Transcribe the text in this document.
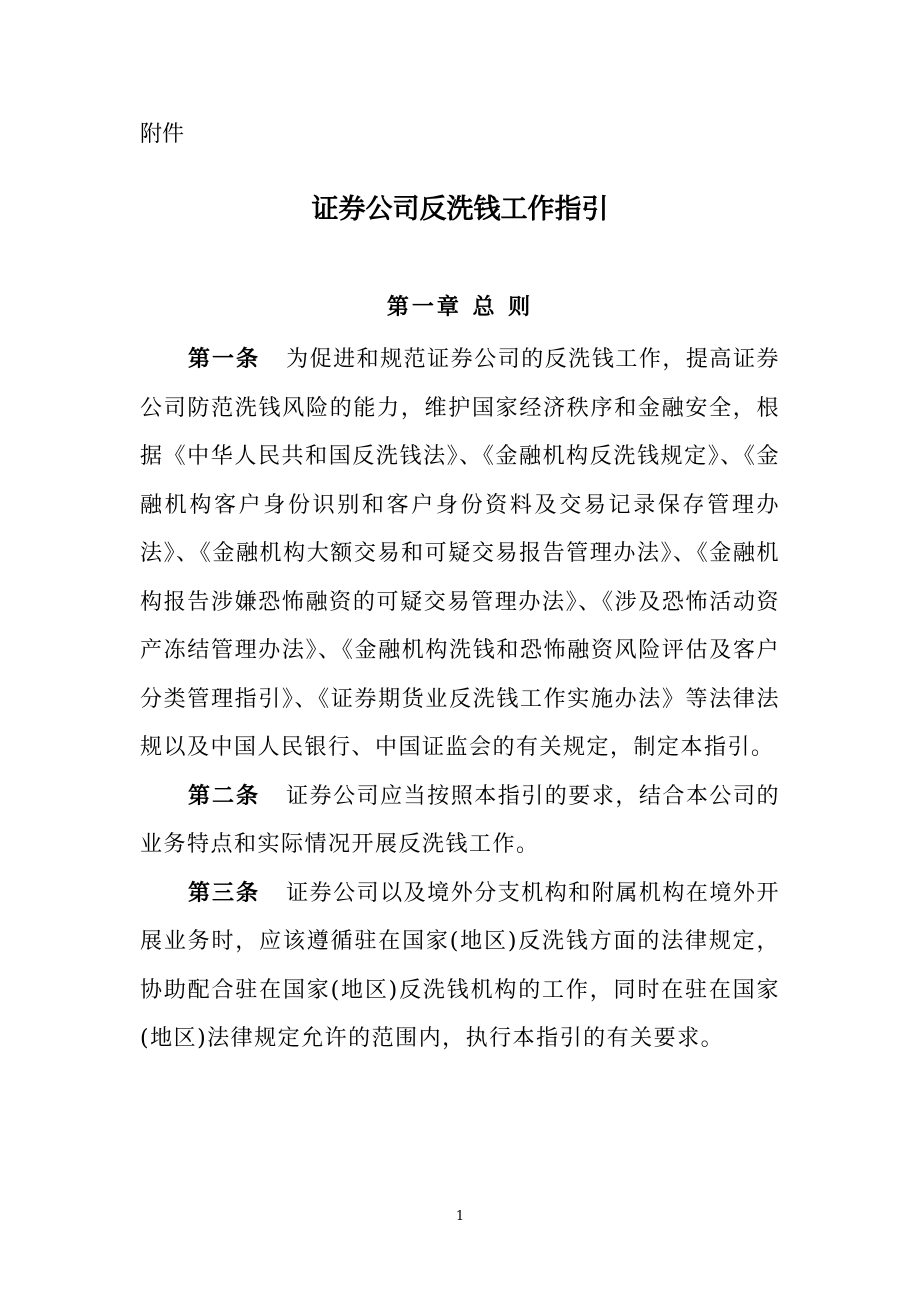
附件

证券公司反洗钱工作指引
第一章 总 则

第一条 为促进和规范证券公司的反洗钱工作，提高证券公司防范洗钱风险的能力，维护国家经济秩序和金融安全，根据《中华人民共和国反洗钱法》、《金融机构反洗钱规定》、《金融机构客户身份识别和客户身份资料及交易记录保存管理办法》、《金融机构大额交易和可疑交易报告管理办法》、《金融机构报告涉嫌恐怖融资的可疑交易管理办法》、《涉及恐怖活动资产冻结管理办法》、《金融机构洗钱和恐怖融资风险评估及客户分类管理指引》、《证券期货业反洗钱工作实施办法》等法律法规以及中国人民银行、中国证监会的有关规定，制定本指引。

第二条 证券公司应当按照本指引的要求，结合本公司的业务特点和实际情况开展反洗钱工作。

第三条 证券公司以及境外分支机构和附属机构在境外开展业务时，应该遵循驻在国家(地区)反洗钱方面的法律规定，协助配合驻在国家(地区)反洗钱机构的工作，同时在驻在国家(地区)法律规定允许的范围内，执行本指引的有关要求。

1
